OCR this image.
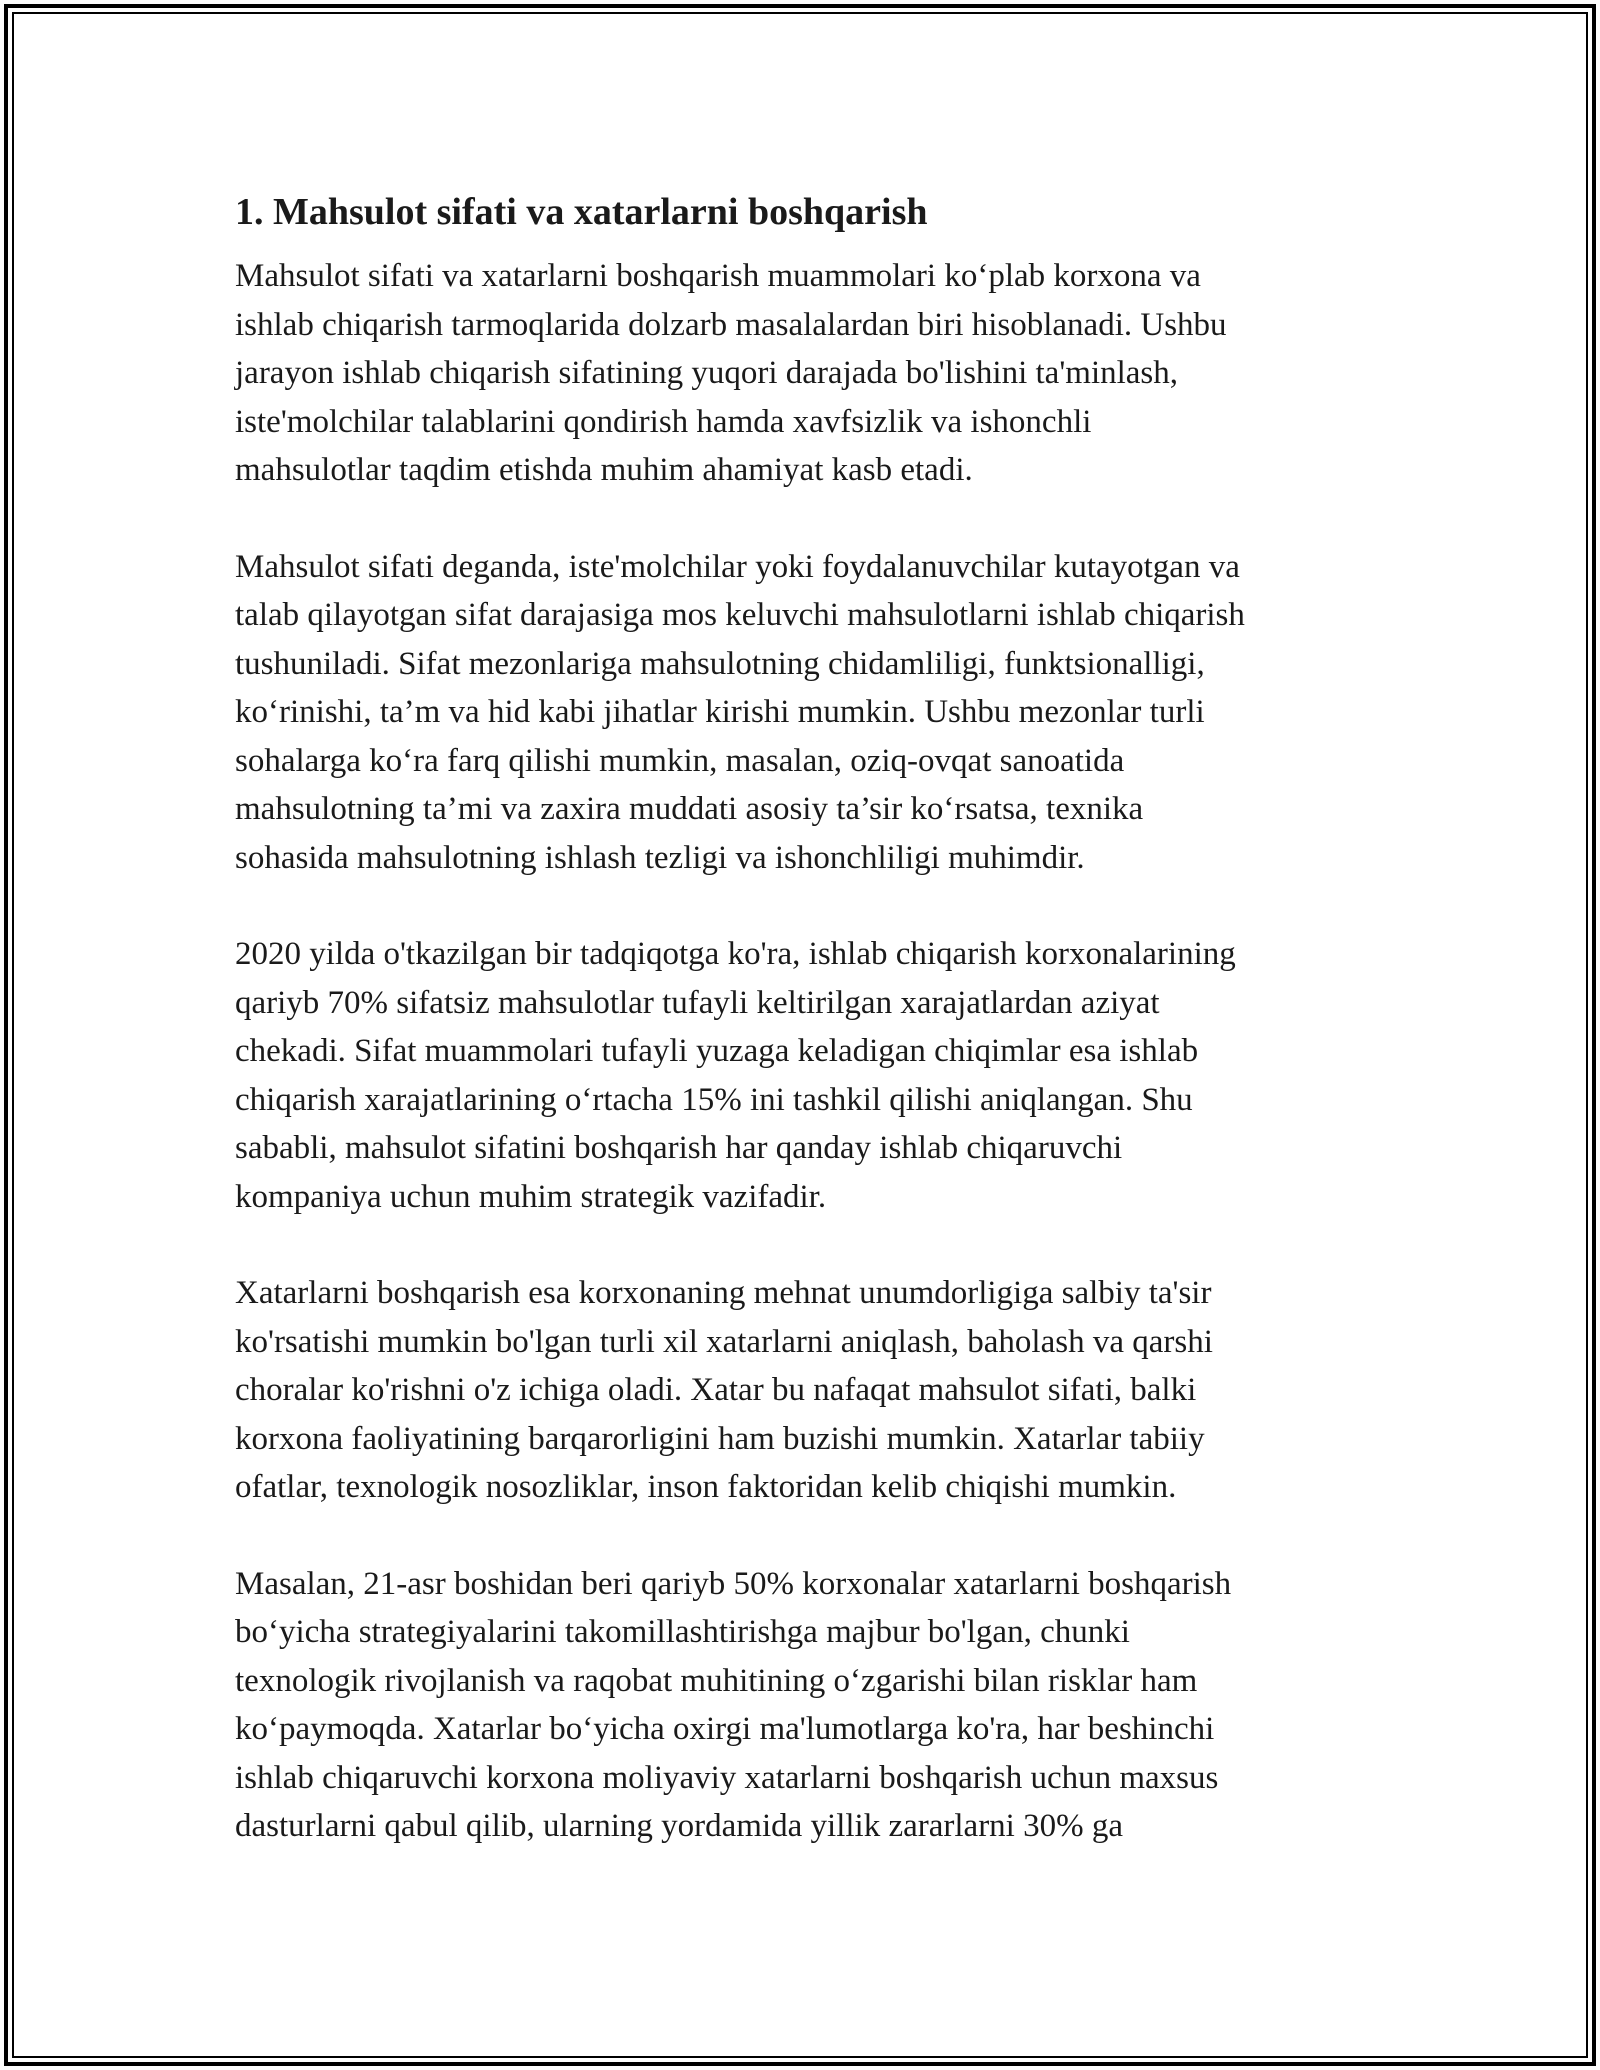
1. Mahsulot sifati va xatarlarni boshqarish

Mahsulot sifati va xatarlarni boshqarish muammolari ko‘plab korxona va
ishlab chiqarish tarmoqlarida dolzarb masalalardan biri hisoblanadi. Ushbu
jarayon ishlab chiqarish sifatining yuqori darajada bo'lishini ta'minlash,
iste'molchilar talablarini qondirish hamda xavfsizlik va ishonchli
mahsulotlar taqdim etishda muhim ahamiyat kasb etadi.

Mahsulot sifati deganda, iste'molchilar yoki foydalanuvchilar kutayotgan va
talab qilayotgan sifat darajasiga mos keluvchi mahsulotlarni ishlab chiqarish
tushuniladi. Sifat mezonlariga mahsulotning chidamliligi, funktsionalligi,
ko‘rinishi, ta’m va hid kabi jihatlar kirishi mumkin. Ushbu mezonlar turli
sohalarga ko‘ra farq qilishi mumkin, masalan, oziq-ovqat sanoatida
mahsulotning ta’mi va zaxira muddati asosiy ta’sir ko‘rsatsa, texnika
sohasida mahsulotning ishlash tezligi va ishonchliligi muhimdir.

2020 yilda o'tkazilgan bir tadqiqotga ko'ra, ishlab chiqarish korxonalarining
qariyb 70% sifatsiz mahsulotlar tufayli keltirilgan xarajatlardan aziyat
chekadi. Sifat muammolari tufayli yuzaga keladigan chiqimlar esa ishlab
chiqarish xarajatlarining o‘rtacha 15% ini tashkil qilishi aniqlangan. Shu
sababli, mahsulot sifatini boshqarish har qanday ishlab chiqaruvchi
kompaniya uchun muhim strategik vazifadir.

Xatarlarni boshqarish esa korxonaning mehnat unumdorligiga salbiy ta'sir
ko'rsatishi mumkin bo'lgan turli xil xatarlarni aniqlash, baholash va qarshi
choralar ko'rishni o'z ichiga oladi. Xatar bu nafaqat mahsulot sifati, balki
korxona faoliyatining barqarorligini ham buzishi mumkin. Xatarlar tabiiy
ofatlar, texnologik nosozliklar, inson faktoridan kelib chiqishi mumkin.

Masalan, 21-asr boshidan beri qariyb 50% korxonalar xatarlarni boshqarish
bo‘yicha strategiyalarini takomillashtirishga majbur bo'lgan, chunki
texnologik rivojlanish va raqobat muhitining o‘zgarishi bilan risklar ham
ko‘paymoqda. Xatarlar bo‘yicha oxirgi ma'lumotlarga ko'ra, har beshinchi
ishlab chiqaruvchi korxona moliyaviy xatarlarni boshqarish uchun maxsus
dasturlarni qabul qilib, ularning yordamida yillik zararlarni 30% ga
